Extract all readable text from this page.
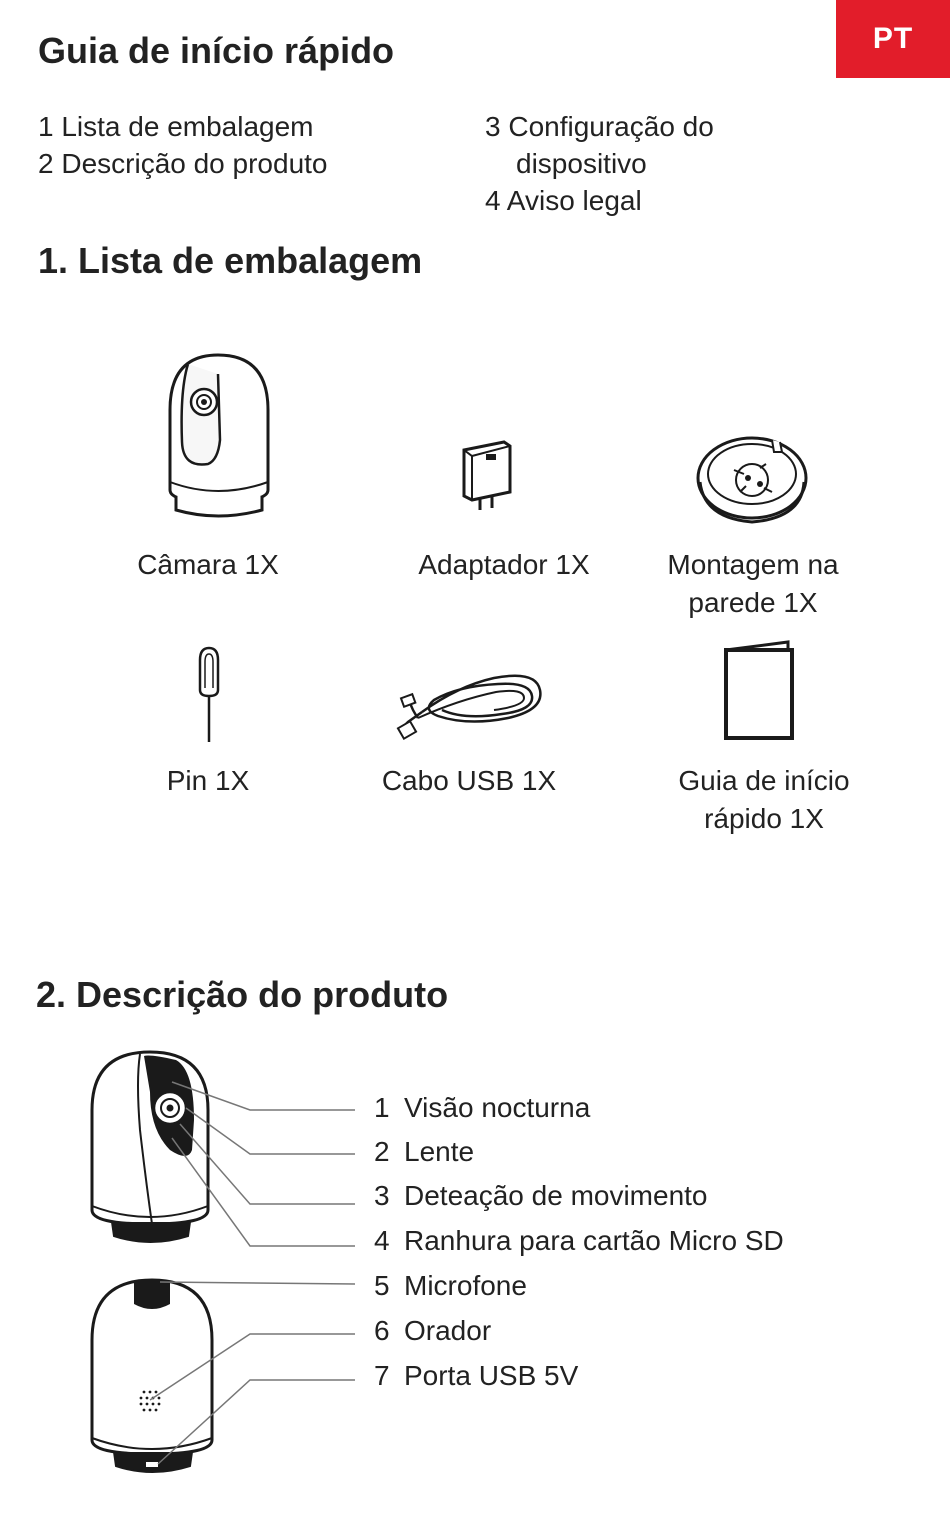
PT
Guia de início rápido
1 Lista de embalagem
2 Descrição do produto
3 Configuração do
dispositivo
4 Aviso legal
1. Lista de embalagem
Câmara 1X	Adaptador 1X	Montagem na
parede 1X
Pin 1X	Cabo USB 1X	Guia de início
rápido 1X
2. Descrição do produto
1 Visão nocturna
2 Lente
3 Deteação de movimento
4 Ranhura para cartão Micro SD
5 Microfone
6 Orador
7 Porta USB 5V
